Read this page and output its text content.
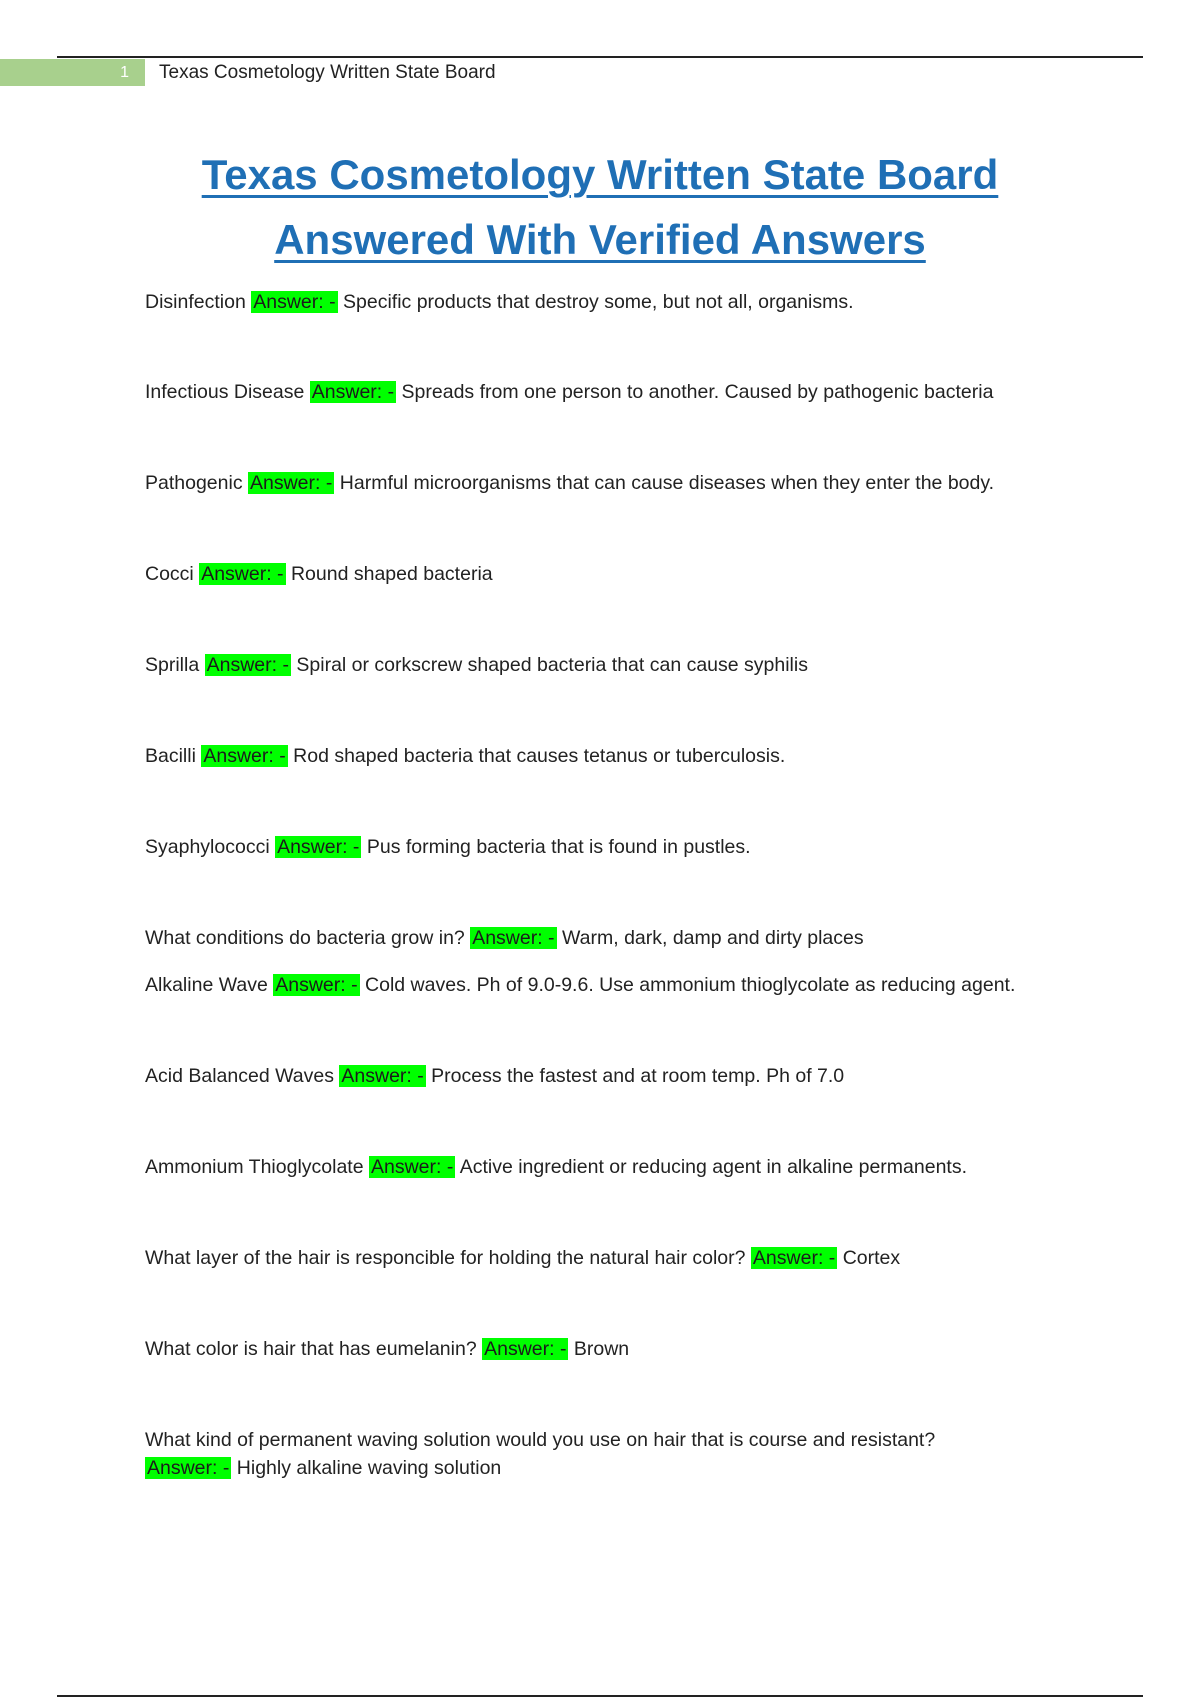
1	Texas Cosmetology Written State Board
Texas Cosmetology Written State Board
Answered With Verified Answers

Disinfection Answer: - Specific products that destroy some, but not all, organisms.

Infectious Disease Answer: - Spreads from one person to another. Caused by pathogenic bacteria

Pathogenic Answer: - Harmful microorganisms that can cause diseases when they enter the body.

Cocci Answer: - Round shaped bacteria

Sprilla Answer: - Spiral or corkscrew shaped bacteria that can cause syphilis

Bacilli Answer: - Rod shaped bacteria that causes tetanus or tuberculosis.

Syaphylococci Answer: - Pus forming bacteria that is found in pustles.

What conditions do bacteria grow in? Answer: - Warm, dark, damp and dirty places

Alkaline Wave Answer: - Cold waves. Ph of 9.0-9.6. Use ammonium thioglycolate as reducing agent.

Acid Balanced Waves Answer: - Process the fastest and at room temp. Ph of 7.0

Ammonium Thioglycolate Answer: - Active ingredient or reducing agent in alkaline permanents.

What layer of the hair is responcible for holding the natural hair color? Answer: - Cortex

What color is hair that has eumelanin? Answer: - Brown

What kind of permanent waving solution would you use on hair that is course and resistant?
Answer: - Highly alkaline waving solution
